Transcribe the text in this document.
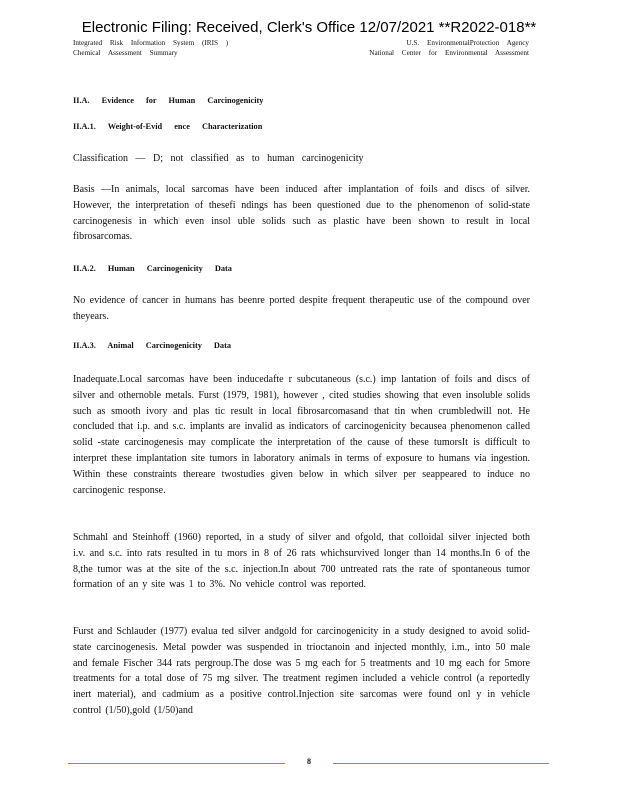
Electronic Filing: Received, Clerk's Office 12/07/2021 **R2022-018**
Integrated Risk Information System (IRIS )
Chemical Assessment Summary
U.S. EnvironmentalProtection Agency
National Center for Environmental Assessment
II.A. Evidence for Human Carcinogenicity
II.A.1. Weight-of-Evid ence Characterization
Classification — D; not classified as to human carcinogenicity
Basis —In animals, local sarcomas have been induced after implantation of foils and discs of silver. However, the interpretation of thesefi ndings has been questioned due to the phenomenon of solid-state carcinogenesis in which even insol uble solids such as plastic have been shown to result in local fibrosarcomas.
II.A.2. Human Carcinogenicity Data
No evidence of cancer in humans has beenre ported despite frequent therapeutic use of the compound over theyears.
II.A.3. Animal Carcinogenicity Data
Inadequate.Local sarcomas have been inducedafte r subcutaneous (s.c.) imp lantation of foils and discs of silver and othernoble metals. Furst (1979, 1981), however , cited studies showing that even insoluble solids such as smooth ivory and plas tic result in local fibrosarcomasand that tin when crumbledwill not. He concluded that i.p. and s.c. implants are invalid as indicators of carcinogenicity becausea phenomenon called solid -state carcinogenesis may complicate the interpretation of the cause of these tumorsIt is difficult to interpret these implantation site tumors in laboratory animals in terms of exposure to humans via ingestion. Within these constraints thereare twostudies given below in which silver per seappeared to induce no carcinogenic response.
Schmahl and Steinhoff (1960) reported, in a study of silver and ofgold, that colloidal silver injected both i.v. and s.c. into rats resulted in tu mors in 8 of 26 rats whichsurvived longer than 14 months.In 6 of the 8,the tumor was at the site of the s.c. injection.In about 700 untreated rats the rate of spontaneous tumor formation of an y site was 1 to 3%. No vehicle control was reported.
Furst and Schlauder (1977) evalua ted silver andgold for carcinogenicity in a study designed to avoid solid-state carcinogenesis. Metal powder was suspended in trioctanoin and injected monthly, i.m., into 50 male and female Fischer 344 rats pergroup.The dose was 5 mg each for 5 treatments and 10 mg each for 5more treatments for a total dose of 75 mg silver. The treatment regimen included a vehicle control (a reportedly inert material), and cadmium as a positive control.Injection site sarcomas were found onl y in vehicle control (1/50),gold (1/50)and
8
